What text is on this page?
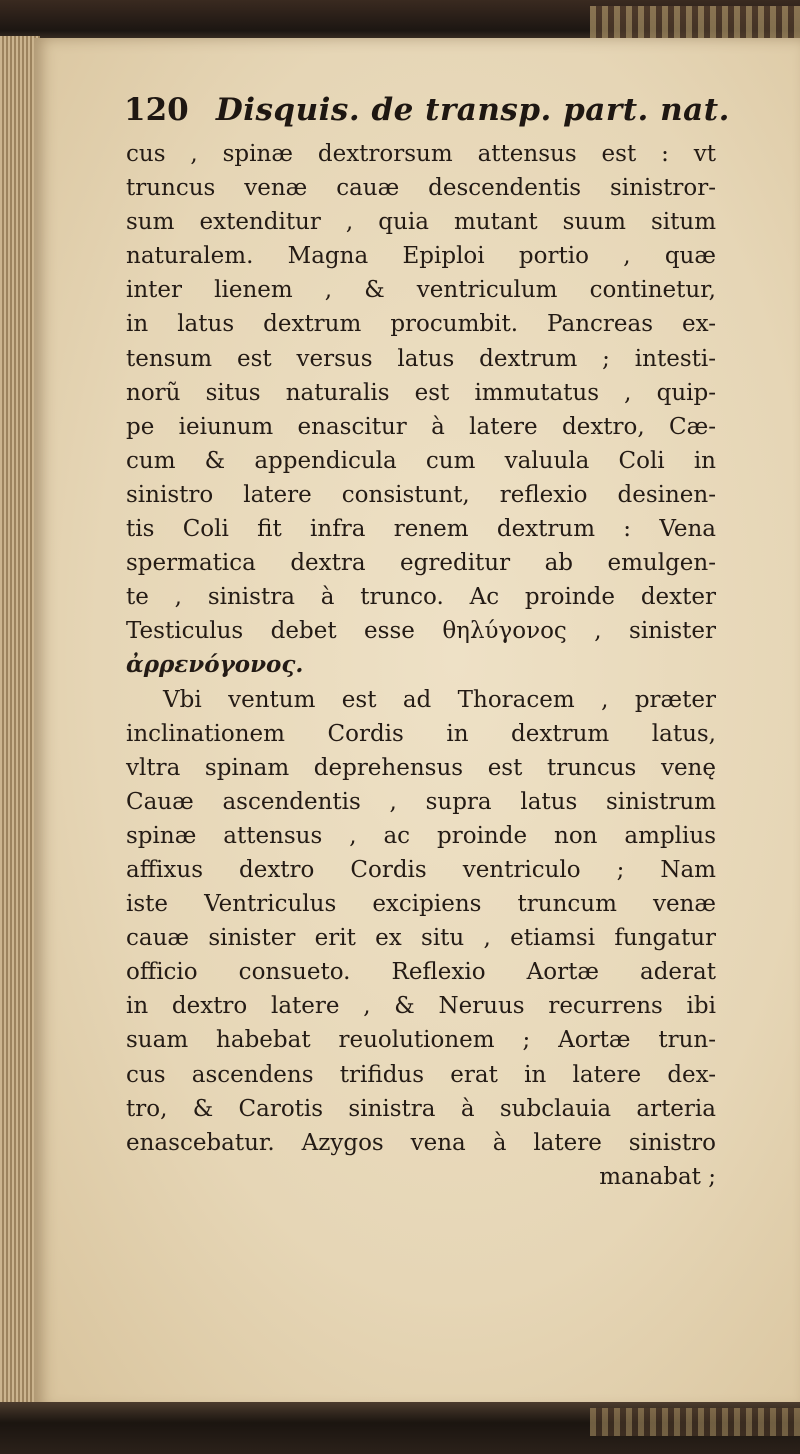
120 Disquis. de transp. part. nat.
cus , spinæ dextrorsum attensus est : vt
truncus venæ cauæ descendentis sinistror-
sum extenditur , quia mutant suum situm
naturalem. Magna Epiploi portio , quæ
inter lienem , & ventriculum continetur,
in latus dextrum procumbit. Pancreas ex-
tensum est versus latus dextrum ; intesti-
norũ situs naturalis est immutatus , quip-
pe ieiunum enascitur à latere dextro, Cæ-
cum & appendicula cum valuula Coli in
sinistro latere consistunt, reflexio desinen-
tis Coli fit infra renem dextrum : Vena
spermatica dextra egreditur ab emulgen-
te , sinistra à trunco. Ac proinde dexter
Testiculus debet esse θηλύγονος , sinister
ἀρρενόγονος.
Vbi ventum est ad Thoracem , præter
inclinationem Cordis in dextrum latus,
vltra spinam deprehensus est truncus venę
Cauæ ascendentis , supra latus sinistrum
spinæ attensus , ac proinde non amplius
affixus dextro Cordis ventriculo ; Nam
iste Ventriculus excipiens truncum venæ
cauæ sinister erit ex situ , etiamsi fungatur
officio consueto. Reflexio Aortæ aderat
in dextro latere , & Neruus recurrens ibi
suam habebat reuolutionem ; Aortæ trun-
cus ascendens trifidus erat in latere dex-
tro, & Carotis sinistra à subclauia arteria
enascebatur. Azygos vena à latere sinistro
manabat ;
